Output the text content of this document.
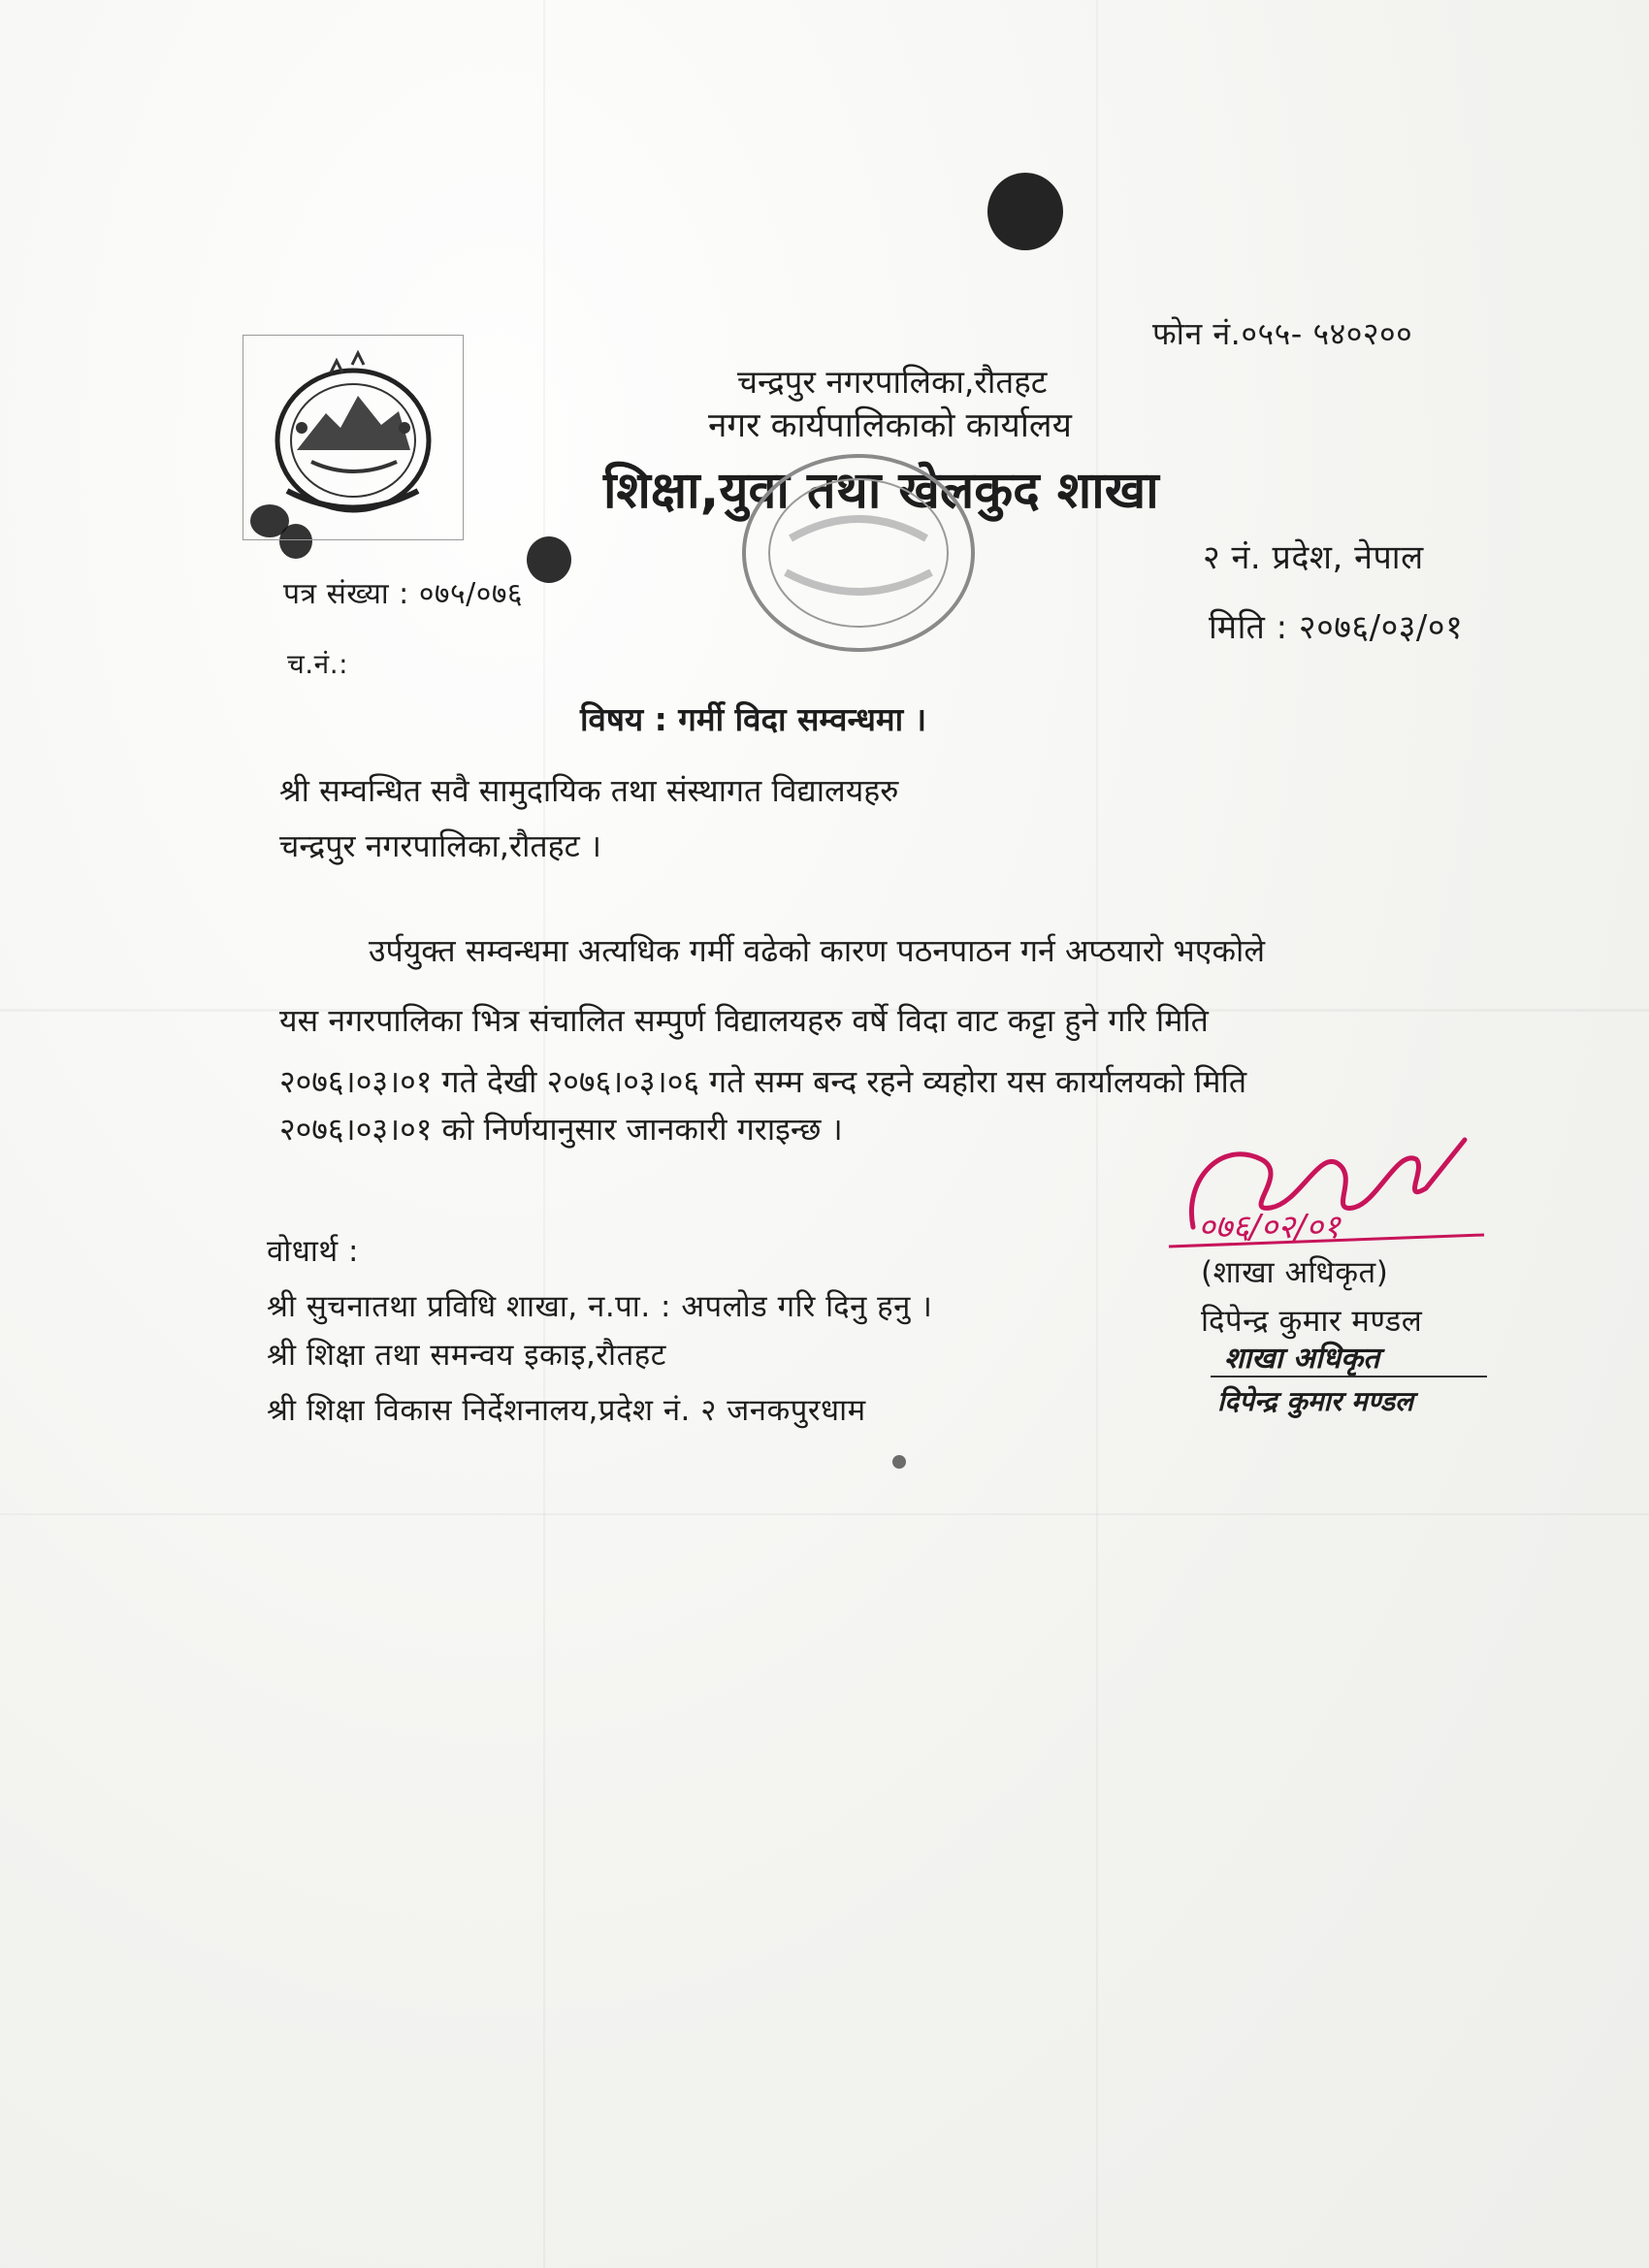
फोन नं.०५५- ५४०२००
चन्द्रपुर नगरपालिका,रौतहट
नगर कार्यपालिकाको कार्यालय
शिक्षा,युवा तथा खेलकुद शाखा
२ नं. प्रदेश, नेपाल
मिति : २०७६/०३/०१
पत्र संख्या : ०७५/०७६
च.नं.:
विषय : गर्मी विदा सम्वन्धमा ।
श्री सम्वन्धित सवै सामुदायिक तथा संस्थागत विद्यालयहरु
चन्द्रपुर नगरपालिका,रौतहट ।
उर्पयुक्त सम्वन्धमा अत्यधिक गर्मी वढेको कारण पठनपाठन गर्न अप्ठयारो भएकोले
यस नगरपालिका भित्र संचालित सम्पुर्ण विद्यालयहरु वर्षे विदा वाट कट्टा हुने गरि मिति
२०७६।०३।०१ गते देखी २०७६।०३।०६ गते सम्म बन्द रहने व्यहोरा यस कार्यालयको मिति
२०७६।०३।०१ को निर्णयानुसार जानकारी गराइन्छ ।
०७६/०२/०१
(शाखा अधिकृत)
दिपेन्द्र कुमार मण्डल
शाखा अधिकृत
दिपेन्द्र कुमार मण्डल
वोधार्थ :
श्री सुचनातथा प्रविधि शाखा, न.पा. : अपलोड गरि दिनु हनु ।
श्री शिक्षा तथा समन्वय इकाइ,रौतहट
श्री शिक्षा विकास निर्देशनालय,प्रदेश नं. २ जनकपुरधाम
